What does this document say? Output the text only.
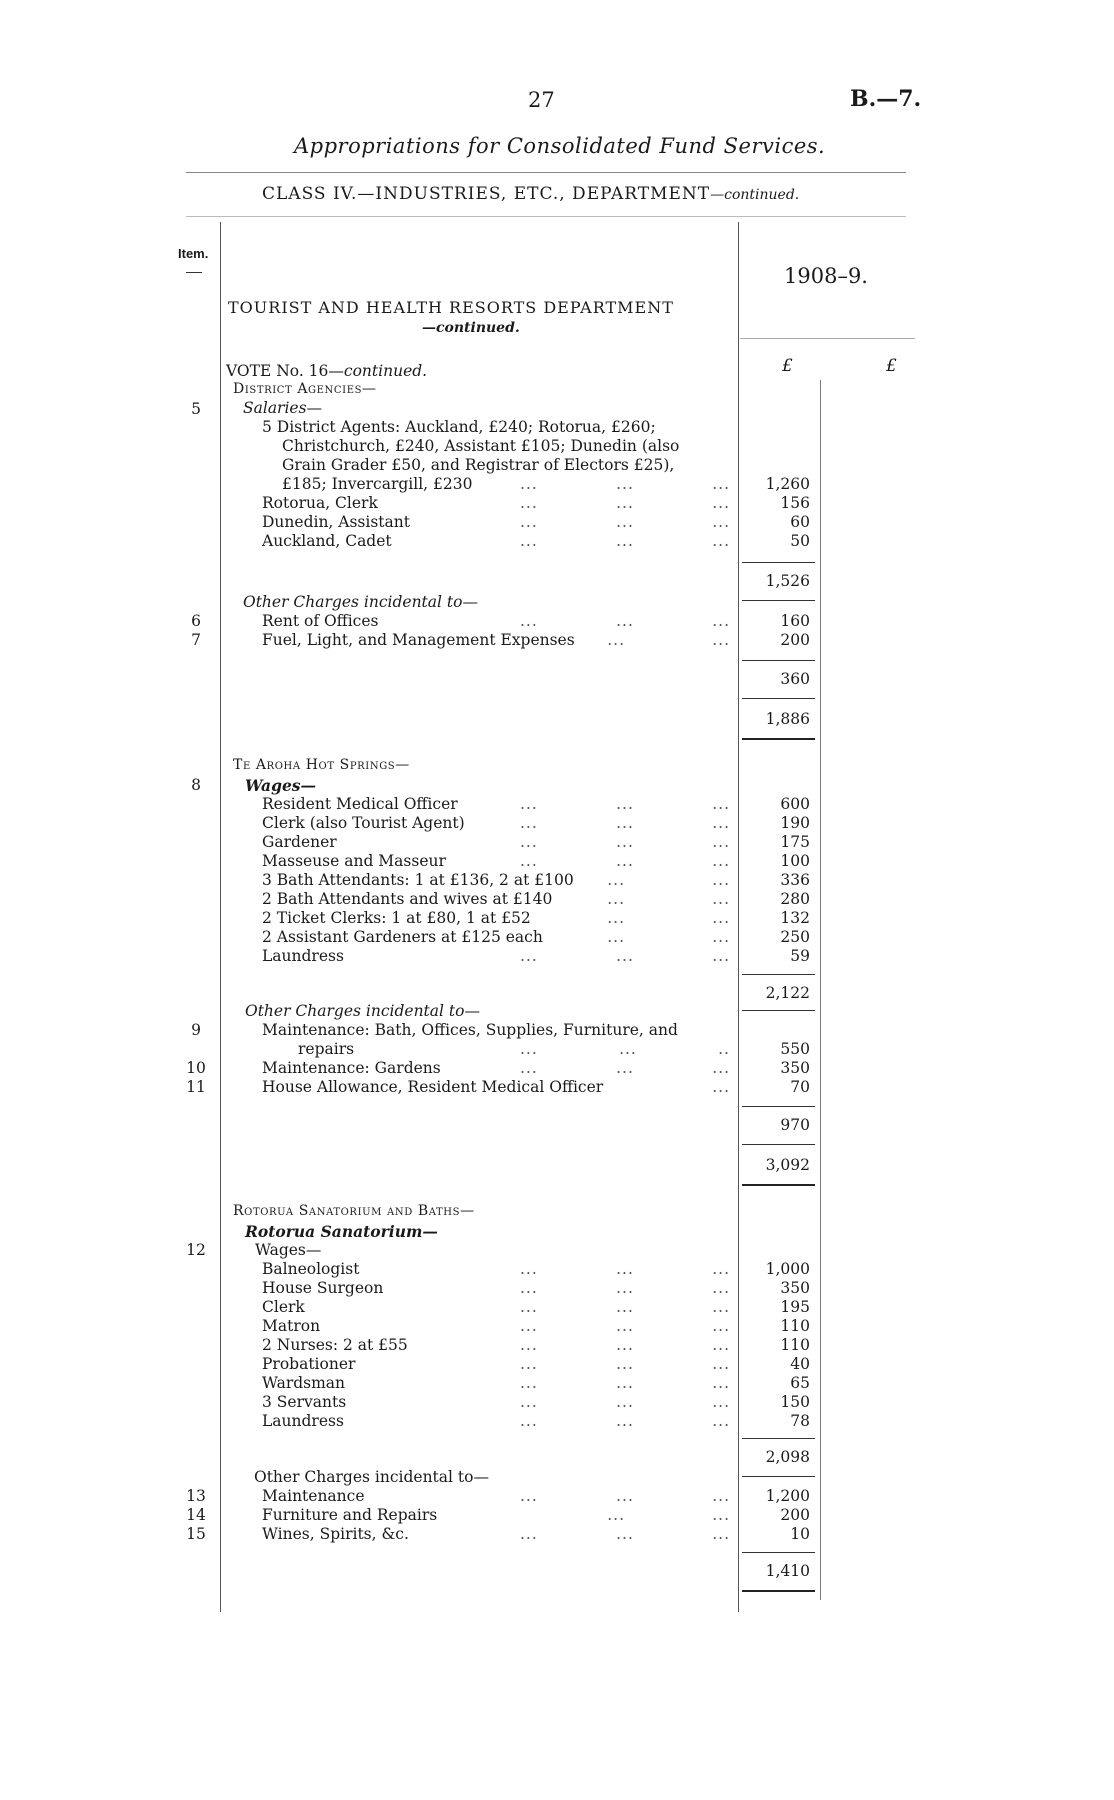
27	B.—7.
Appropriations for Consolidated Fund Services.
CLASS IV.—INDUSTRIES, ETC., DEPARTMENT—continued.
Item.
1908–9.
TOURIST AND HEALTH RESORTS DEPARTMENT
—continued.
£	£
VOTE No. 16—continued.
District Agencies—
Salaries—
5
5 District Agents: Auckland, £240; Rotorua, £260;
Christchurch, £240, Assistant £105; Dunedin (also
Grain Grader £50, and Registrar of Electors £25),
£185; Invercargill, £230	...	...	...	1,260
Rotorua, Clerk	...	...	...	156
Dunedin, Assistant	...	...	...	60
Auckland, Cadet	...	...	...	50
1,526
Other Charges incidental to—
6	Rent of Offices	...	...	...	160
7	Fuel, Light, and Management Expenses ...	...	200
360
1,886
Te Aroha Hot Springs—
8	Wages—
Resident Medical Officer	...	...	...	600
Clerk (also Tourist Agent)	...	...	...	190
Gardener	...	...	...	175
Masseuse and Masseur	...	...	...	100
3 Bath Attendants: 1 at £136, 2 at £100 ...	...	336
2 Bath Attendants and wives at £140	...	...	280
2 Ticket Clerks: 1 at £80, 1 at £52	...	...	132
2 Assistant Gardeners at £125 each	...	...	250
Laundress	...	...	...	59
2,122
Other Charges incidental to—
9	Maintenance: Bath, Offices, Supplies, Furniture, and
repairs	...	...	..	550
10	Maintenance: Gardens	...	...	...	350
11	House Allowance, Resident Medical Officer	...	70
970
3,092
Rotorua Sanatorium and Baths—
Rotorua Sanatorium—
12	Wages—
Balneologist	...	...	...	1,000
House Surgeon	...	...	...	350
Clerk	...	...	...	195
Matron	...	...	...	110
2 Nurses: 2 at £55	...	...	...	110
Probationer	...	...	...	40
Wardsman	...	...	...	65
3 Servants	...	...	...	150
Laundress	...	...	...	78
2,098
Other Charges incidental to—
13	Maintenance	...	...	...	1,200
14	Furniture and Repairs	...	...	200
15	Wines, Spirits, &c.	...	...	...	10
1,410
